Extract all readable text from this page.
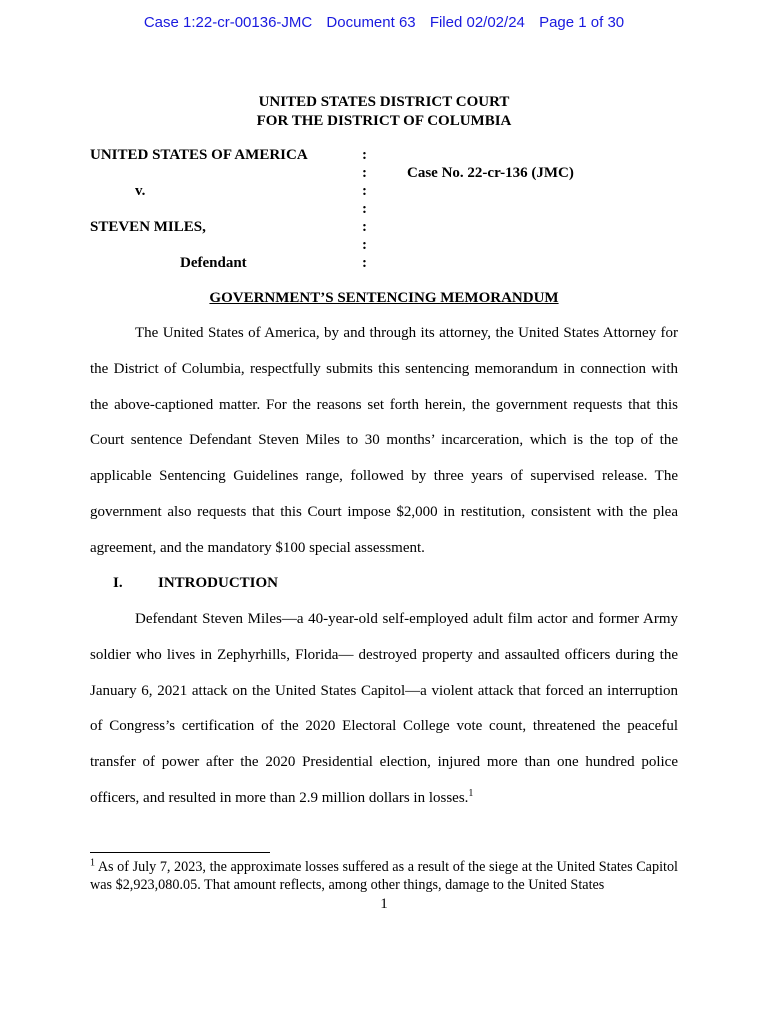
Case 1:22-cr-00136-JMC Document 63 Filed 02/02/24 Page 1 of 30
UNITED STATES DISTRICT COURT
FOR THE DISTRICT OF COLUMBIA
UNITED STATES OF AMERICA
v.
STEVEN MILES,
Defendant
Case No. 22-cr-136 (JMC)
:
:
:
:
:
:
:
GOVERNMENT’S SENTENCING MEMORANDUM

The United States of America, by and through its attorney, the United States Attorney for the District of Columbia, respectfully submits this sentencing memorandum in connection with the above-captioned matter. For the reasons set forth herein, the government requests that this Court sentence Defendant Steven Miles to 30 months’ incarceration, which is the top of the applicable Sentencing Guidelines range, followed by three years of supervised release. The government also requests that this Court impose $2,000 in restitution, consistent with the plea agreement, and the mandatory $100 special assessment.

I. INTRODUCTION

Defendant Steven Miles—a 40-year-old self-employed adult film actor and former Army soldier who lives in Zephyrhills, Florida— destroyed property and assaulted officers during the January 6, 2021 attack on the United States Capitol—a violent attack that forced an interruption of Congress’s certification of the 2020 Electoral College vote count, threatened the peaceful transfer of power after the 2020 Presidential election, injured more than one hundred police officers, and resulted in more than 2.9 million dollars in losses.$^1$

$^1$ As of July 7, 2023, the approximate losses suffered as a result of the siege at the United States Capitol was $2,923,080.05. That amount reflects, among other things, damage to the United States

1
